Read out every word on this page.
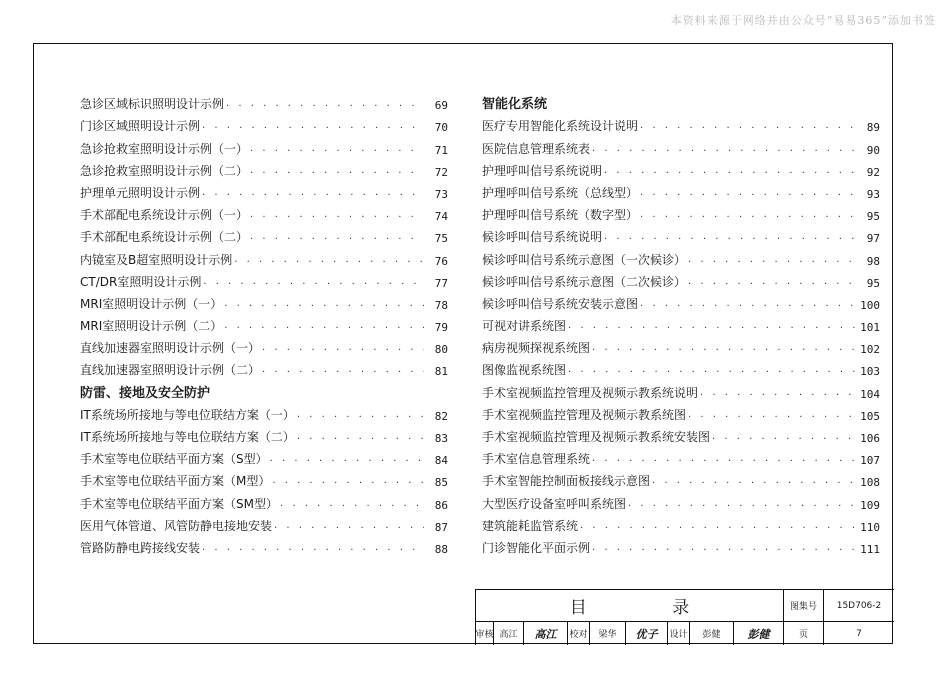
本资料来源于网络并由公众号“易易365”添加书签
急诊区域标识照明设计示例 · · ·	69
门诊区域照明设计示例 · · ·	70
急诊抢救室照明设计示例（一） · · ·	71
急诊抢救室照明设计示例（二） · · ·	72
护理单元照明设计示例 · · ·	73
手术部配电系统设计示例（一） · · ·	74
手术部配电系统设计示例（二） · · ·	75
内镜室及B超室照明设计示例 · · ·	76
CT/DR室照明设计示例 · · ·	77
MRI室照明设计示例（一） · · ·	78
MRI室照明设计示例（二） · · ·	79
直线加速器室照明设计示例（一） · · ·	80
直线加速器室照明设计示例（二） · · ·	81
防雷、接地及安全防护
IT系统场所接地与等电位联结方案（一） · · ·	82
IT系统场所接地与等电位联结方案（二） · · ·	83
手术室等电位联结平面方案（S型） · · ·	84
手术室等电位联结平面方案（M型） · · ·	85
手术室等电位联结平面方案（SM型） · · ·	86
医用气体管道、风管防静电接地安装 · · ·	87
管路防静电跨接线安装 · · ·	88
智能化系统
医疗专用智能化系统设计说明 · · ·	89
医院信息管理系统表 · · ·	90
护理呼叫信号系统说明 · · ·	92
护理呼叫信号系统（总线型） · · ·	93
护理呼叫信号系统（数字型） · · ·	95
候诊呼叫信号系统说明 · · ·	97
候诊呼叫信号系统示意图（一次候诊） · · ·	98
候诊呼叫信号系统示意图（二次候诊） · · ·	95
候诊呼叫信号系统安装示意图 · · ·	100
可视对讲系统图 · · ·	101
病房视频探视系统图 · · ·	102
图像监视系统图 · · ·	103
手术室视频监控管理及视频示教系统说明 · · ·	104
手术室视频监控管理及视频示教系统图 · · ·	105
手术室视频监控管理及视频示教系统安装图 · · ·	106
手术室信息管理系统 · · ·	107
手术室智能控制面板接线示意图 · · ·	108
大型医疗设备室呼叫系统图 · · ·	109
建筑能耗监管系统 · · ·	110
门诊智能化平面示例 · · ·	111
目 录	图集号	15D706-2
审核 高江	高江	校对	梁华	优子	设计	彭健	彭健	页	7
